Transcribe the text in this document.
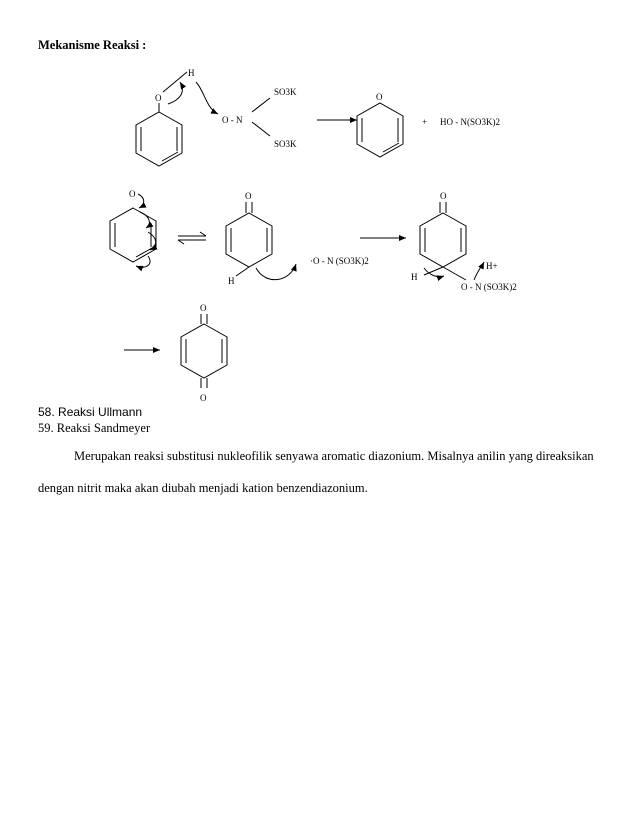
Mekanisme Reaksi :
H
O
O - N
SO3K
SO3K
O
+ HO - N(SO3K)2
O	O
H
·O - N (SO3K)2
O
H
H+
O - N (SO3K)2
O
O
58. Reaksi Ullmann
59. Reaksi Sandmeyer
Merupakan reaksi substitusi nukleofilik senyawa aromatic diazonium. Misalnya anilin yang direaksikan
dengan nitrit maka akan diubah menjadi kation benzendiazonium.
